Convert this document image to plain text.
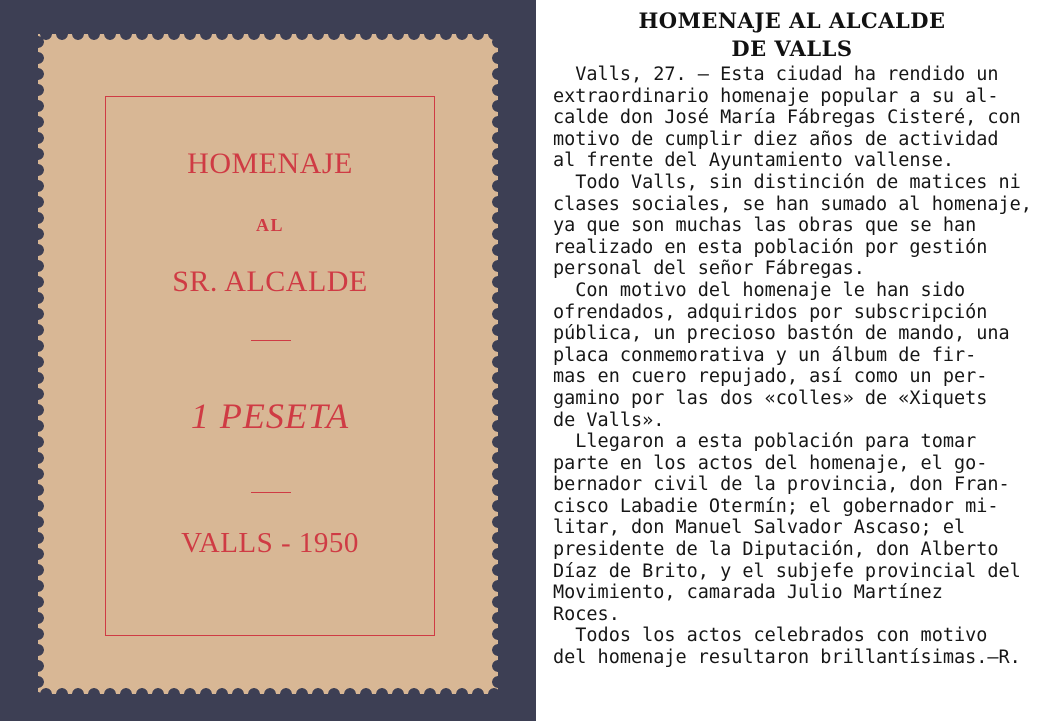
HOMENAJE
AL
SR. ALCALDE
1 PESETA
VALLS - 1950
HOMENAJE AL ALCALDE
DE VALLS
Valls, 27. — Esta ciudad ha rendido un
extraordinario homenaje popular a su al-
calde don José María Fábregas Cisteré, con
motivo de cumplir diez años de actividad
al frente del Ayuntamiento vallense.
Todo Valls, sin distinción de matices ni
clases sociales, se han sumado al homenaje,
ya que son muchas las obras que se han
realizado en esta población por gestión
personal del señor Fábregas.
Con motivo del homenaje le han sido
ofrendados, adquiridos por subscripción
pública, un precioso bastón de mando, una
placa conmemorativa y un álbum de fir-
mas en cuero repujado, así como un per-
gamino por las dos «colles» de «Xiquets
de Valls».
Llegaron a esta población para tomar
parte en los actos del homenaje, el go-
bernador civil de la provincia, don Fran-
cisco Labadie Otermín; el gobernador mi-
litar, don Manuel Salvador Ascaso; el
presidente de la Diputación, don Alberto
Díaz de Brito, y el subjefe provincial del
Movimiento, camarada Julio Martínez
Roces.
Todos los actos celebrados con motivo
del homenaje resultaron brillantísimas.—R.
